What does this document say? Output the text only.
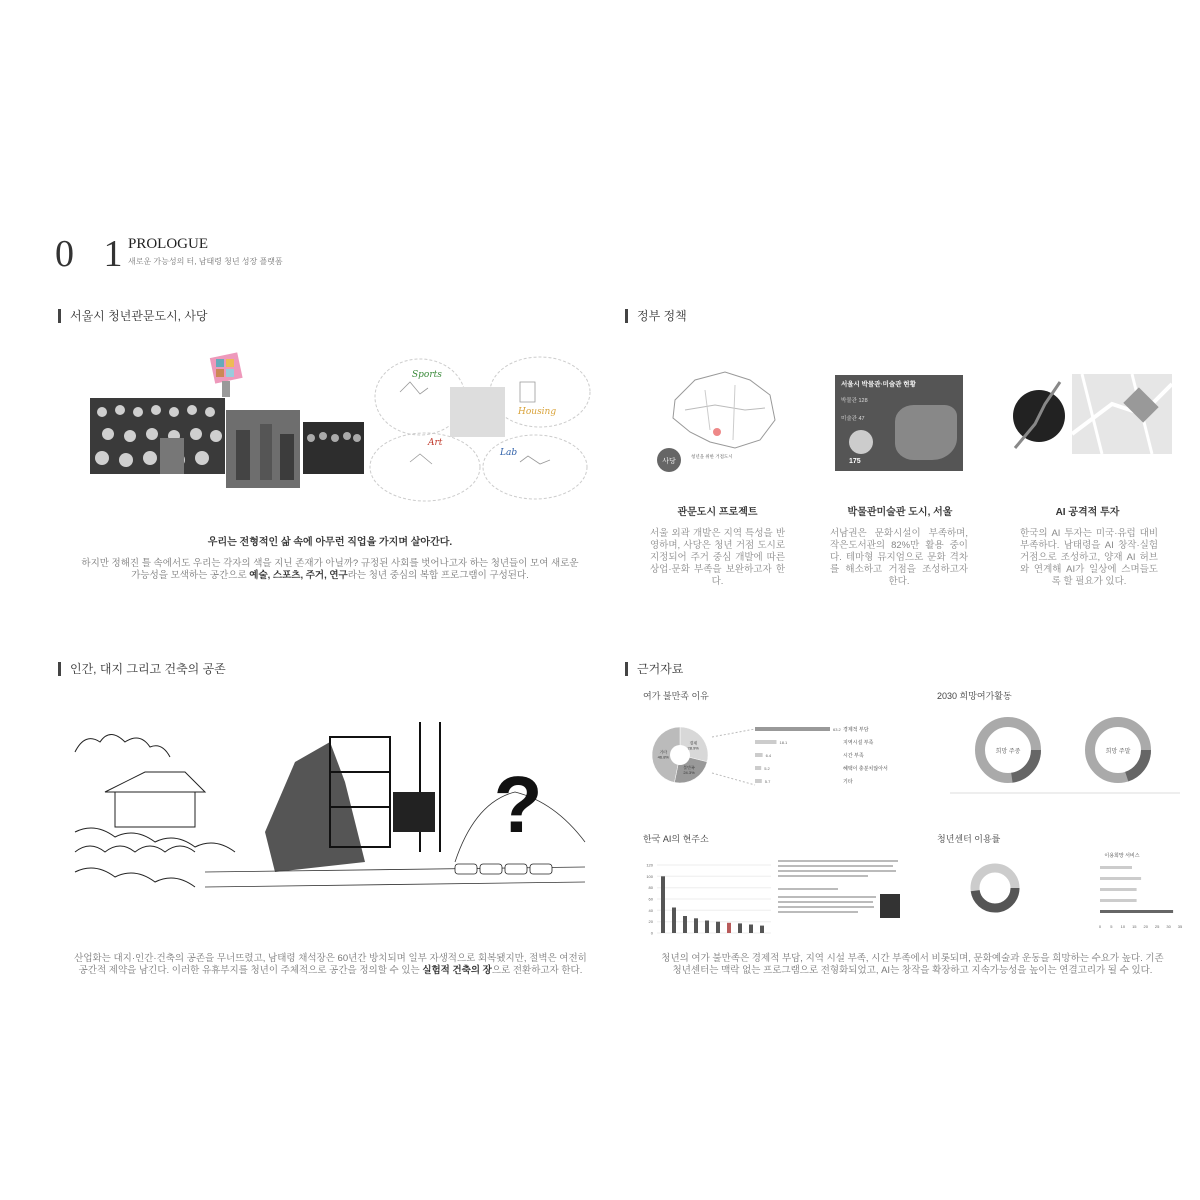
0 1
PROLOGUE
새로운 가능성의 터, 남태령 청년 성장 플랫폼
서울시 청년관문도시, 사당
Sports
Housing
Art
Lab
우리는 전형적인 삶 속에 아무런 직업을 가지며 살아간다.
하지만 정해진 틀 속에서도 우리는 각자의 색을 지닌 존재가 아닐까? 규정된 사회를 벗어나고자 하는 청년들이 모여 새로운
가능성을 모색하는 공간으로 예술, 스포츠, 주거, 연구라는 청년 중심의 복합 프로그램이 구성된다.
정부 정책
사당
청년을 위한 거점도시
서울시 박물관·미술관 현황
박물관 128
미술관 47
175
관문도시 프로젝트
서울 외곽 개발은 지역 특성을 반영하며, 사당은 청년 거점 도시로 지정되어 주거 중심 개발에 따른 상업·문화 부족을 보완하고자 한다.
박물관미술관 도시, 서울
서남권은 문화시설이 부족하며, 작은도서관의 82%만 활용 중이다. 테마형 뮤지엄으로 문화 격차를 해소하고 거점을 조성하고자 한다.
AI 공격적 투자
한국의 AI 투자는 미국·유럽 대비 부족하다. 남태령을 AI 창작·실험 거점으로 조성하고, 양재 AI 허브와 연계해 AI가 일상에 스며들도록 할 필요가 있다.
인간, 대지 그리고 건축의 공존
?
산업화는 대지·인간·건축의 공존을 무너뜨렸고, 남태령 채석장은 60년간 방치되며 일부 자생적으로 회복됐지만, 절벽은 여전히
공간적 제약을 남긴다. 이러한 유휴부지를 청년이 주체적으로 공간을 정의할 수 있는 실험적 건축의 장으로 전환하고자 한다.
근거자료
여가 불만족 이유	2030 희망여가활동
한국 AI의 현주소	청년센터 이용률
경제
28.9%
불만족
24.3%
기타
46.8%
63.2 경제적 부담
18.1	지역시설 부족
6.4	시간 부족
5.2	혜택이 충분치않아서
5.7	기타
희망 주중	희망 주말
0
20
40
60
80
100
120
이용희망 서비스
0 5 10 15 20 25 30 35
청년의 여가 불만족은 경제적 부담, 지역 시설 부족, 시간 부족에서 비롯되며, 문화예술과 운동을 희망하는 수요가 높다. 기존
청년센터는 맥락 없는 프로그램으로 전형화되었고, AI는 창작을 확장하고 지속가능성을 높이는 연결고리가 될 수 있다.
